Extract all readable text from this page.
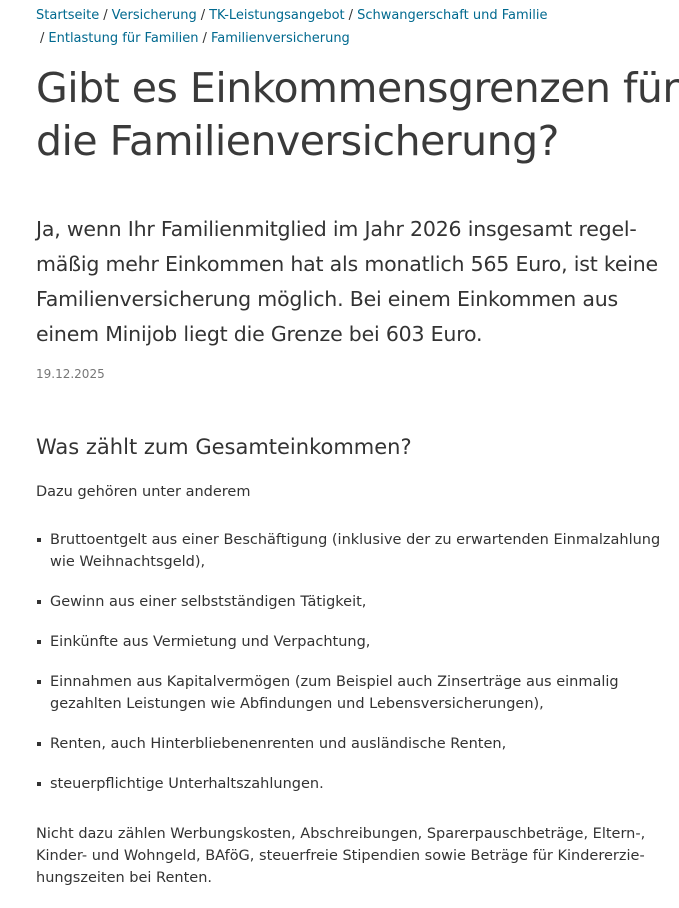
Startseite / Versicherung / TK-Leistungsangebot / Schwangerschaft und Familie
/ Entlastung für Familien / Familienversicherung
Gibt es Einkommensgrenzen für
die Familienversicherung?

Ja, wenn Ihr Familienmitglied im Jahr 2026 insgesamt regel-
mäßig mehr Einkommen hat als monatlich 565 Euro, ist keine
Familienversicherung möglich. Bei einem Einkommen aus
einem Minijob liegt die Grenze bei 603 Euro.

19.12.2025

Was zählt zum Gesamteinkommen?

Dazu gehören unter anderem

Bruttoentgelt aus einer Beschäftigung (inklusive der zu erwartenden Einmalzahlung
wie Weihnachtsgeld),
Gewinn aus einer selbstständigen Tätigkeit,
Einkünfte aus Vermietung und Verpachtung,
Einnahmen aus Kapitalvermögen (zum Beispiel auch Zinserträge aus einmalig
gezahlten Leistungen wie Abfindungen und Lebensversicherungen),
Renten, auch Hinterbliebenenrenten und ausländische Renten,
steuerpflichtige Unterhaltszahlungen.

Nicht dazu zählen Werbungskosten, Abschreibungen, Sparerpauschbeträge, Eltern-,
Kinder- und Wohngeld, BAföG, steuerfreie Stipendien sowie Beträge für Kindererzie-
hungszeiten bei Renten.
